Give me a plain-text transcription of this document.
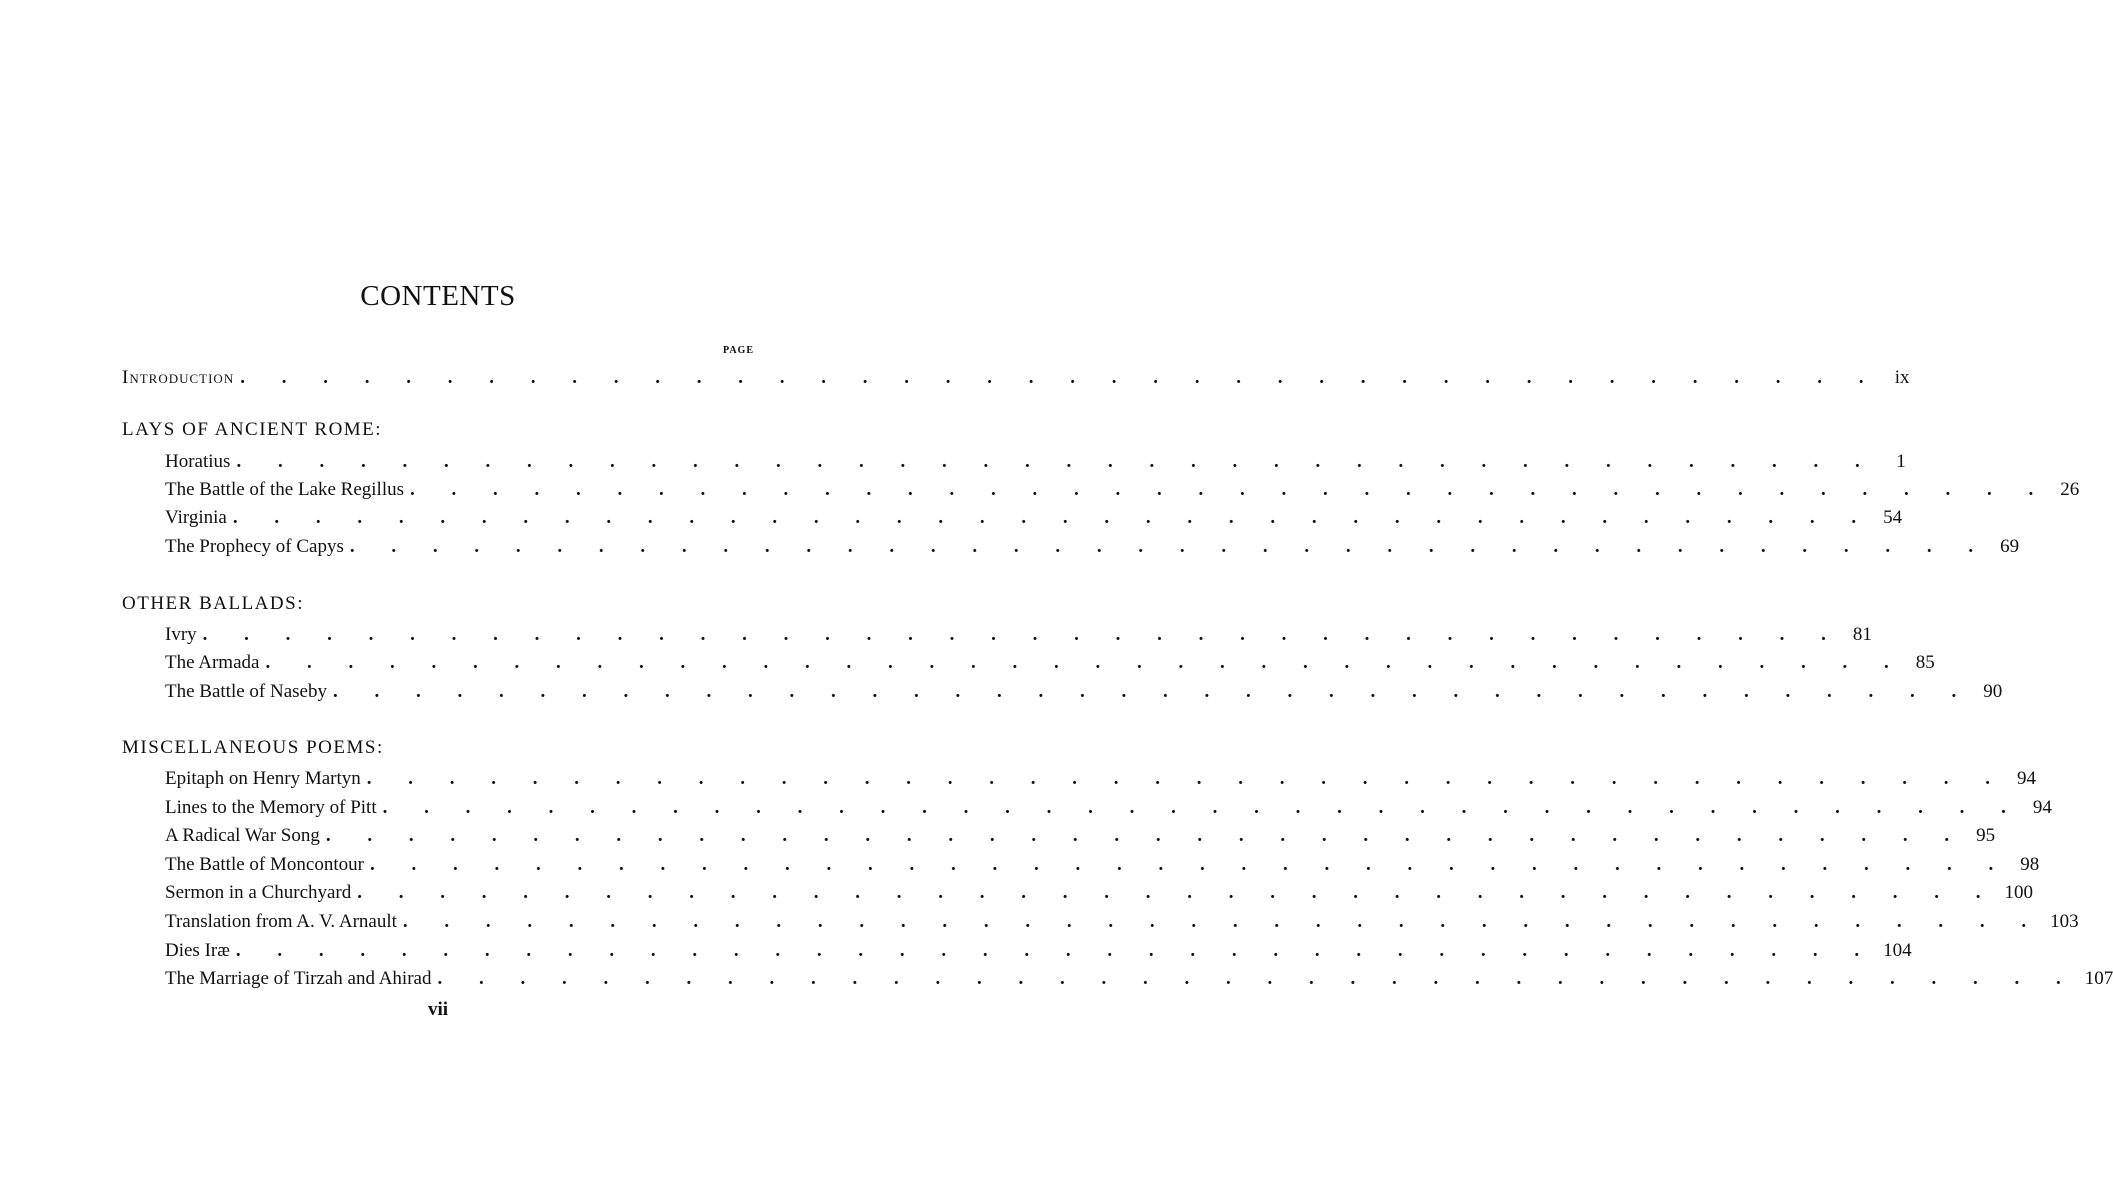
CONTENTS
PAGE
Introduction . . . . . . . . . . . . . . . . . . . . . . . . . . . . . . . . . . . . . . . . ix
LAYS OF ANCIENT ROME:
Horatius . . . . . . . . . . . . . . . . . . . . . . . . . . . . . . . . . . . . . . . .	1
The Battle of the Lake Regillus . . . . . . . . . . . . . . . . . . . . . . . . . . . . . . . . . . . . . . . . 26
Virginia . . . . . . . . . . . . . . . . . . . . . . . . . . . . . . . . . . . . . . . . 54
The Prophecy of Capys . . . . . . . . . . . . . . . . . . . . . . . . . . . . . . . . . . . . . . . . 69
OTHER BALLADS:
Ivry . . . . . . . . . . . . . . . . . . . . . . . . . . . . . . . . . . . . . . . . 81
The Armada . . . . . . . . . . . . . . . . . . . . . . . . . . . . . . . . . . . . . . . . 85
The Battle of Naseby . . . . . . . . . . . . . . . . . . . . . . . . . . . . . . . . . . . . . . . . 90
MISCELLANEOUS POEMS:
Epitaph on Henry Martyn . . . . . . . . . . . . . . . . . . . . . . . . . . . . . . . . . . . . . . . . 94
Lines to the Memory of Pitt . . . . . . . . . . . . . . . . . . . . . . . . . . . . . . . . . . . . . . . . 94
A Radical War Song . . . . . . . . . . . . . . . . . . . . . . . . . . . . . . . . . . . . . . . . 95
The Battle of Moncontour . . . . . . . . . . . . . . . . . . . . . . . . . . . . . . . . . . . . . . . . 98
Sermon in a Churchyard . . . . . . . . . . . . . . . . . . . . . . . . . . . . . . . . . . . . . . . . 100
Translation from A. V. Arnault . . . . . . . . . . . . . . . . . . . . . . . . . . . . . . . . . . . . . . . . 103
Dies Iræ . . . . . . . . . . . . . . . . . . . . . . . . . . . . . . . . . . . . . . . . 104
The Marriage of Tirzah and Ahirad . . . . . . . . . . . . . . . . . . . . . . . . . . . . . . . . . . . . . . . . 107
vii
